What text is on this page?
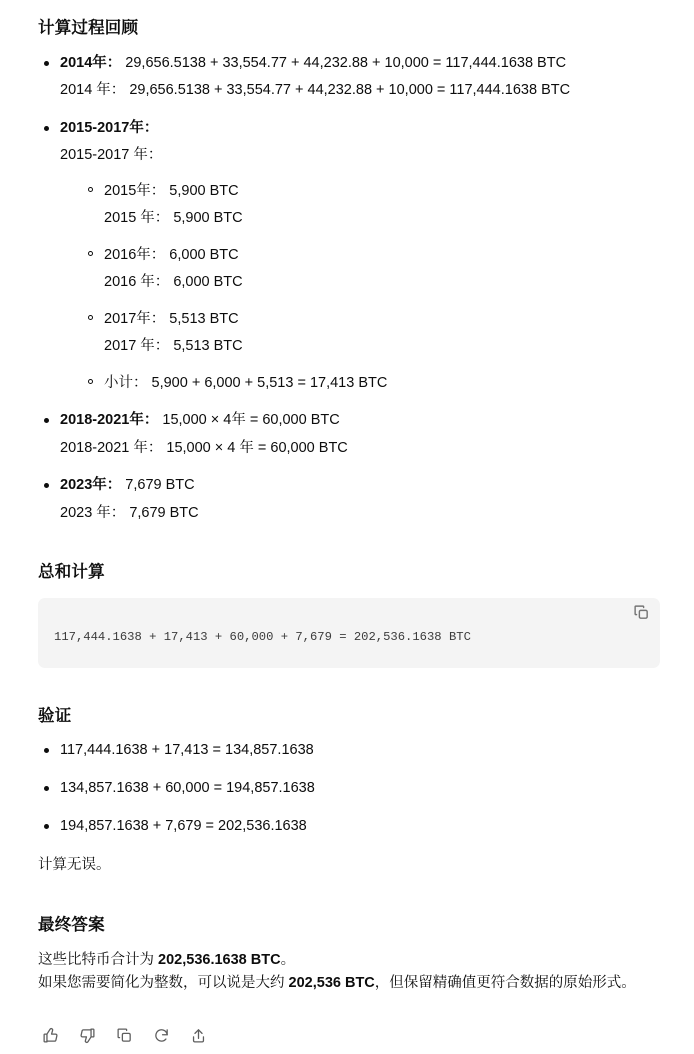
计算过程回顾
2014年： 29,656.5138 + 33,554.77 + 44,232.88 + 10,000 = 117,444.1638 BTC
2014 年： 29,656.5138 + 33,554.77 + 44,232.88 + 10,000 = 117,444.1638 BTC
2015-2017年：
2015-2017 年：
2015年： 5,900 BTC
2015 年： 5,900 BTC
2016年： 6,000 BTC
2016 年： 6,000 BTC
2017年： 5,513 BTC
2017 年： 5,513 BTC
小计： 5,900 + 6,000 + 5,513 = 17,413 BTC
2018-2021年： 15,000 × 4年 = 60,000 BTC
2018-2021 年： 15,000 × 4 年 = 60,000 BTC
2023年： 7,679 BTC
2023 年： 7,679 BTC
总和计算
117,444.1638 + 17,413 + 60,000 + 7,679 = 202,536.1638 BTC
验证
117,444.1638 + 17,413 = 134,857.1638
134,857.1638 + 60,000 = 194,857.1638
194,857.1638 + 7,679 = 202,536.1638

计算无误。

最终答案

这些比特币合计为 202,536.1638 BTC。

如果您需要简化为整数，可以说是大约 202,536 BTC，但保留精确值更符合数据的原始形式。
